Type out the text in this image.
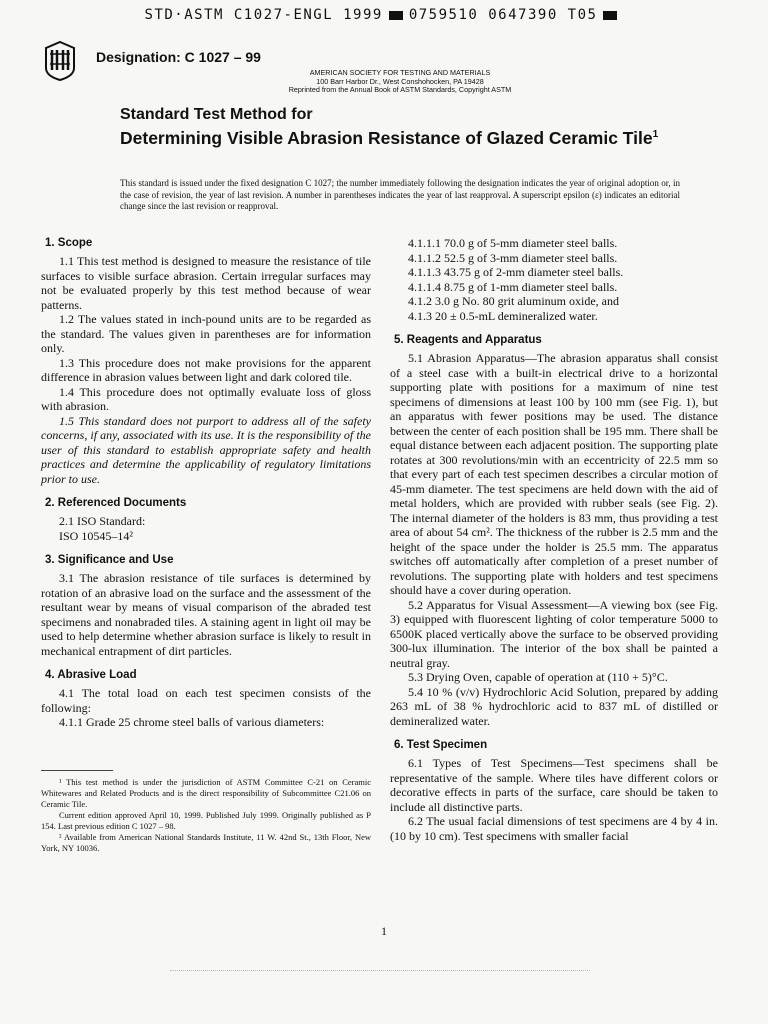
STD·ASTM C1027-ENGL 1999 0759510 0647390 T05
Designation: C 1027 – 99
AMERICAN SOCIETY FOR TESTING AND MATERIALS
100 Barr Harbor Dr., West Conshohocken, PA 19428
Reprinted from the Annual Book of ASTM Standards, Copyright ASTM
Standard Test Method for
Determining Visible Abrasion Resistance of Glazed Ceramic Tile$^1$
This standard is issued under the fixed designation C 1027; the number immediately following the designation indicates the year of original adoption or, in the case of revision, the year of last revision. A number in parentheses indicates the year of last reapproval. A superscript epsilon (ε) indicates an editorial change since the last revision or reapproval.
1. Scope

1.1 This test method is designed to measure the resistance of tile surfaces to visible surface abrasion. Certain irregular surfaces may not be evaluated properly by this test method because of wear patterns.

1.2 The values stated in inch-pound units are to be regarded as the standard. The values given in parentheses are for information only.

1.3 This procedure does not make provisions for the apparent difference in abrasion values between light and dark colored tile.

1.4 This procedure does not optimally evaluate loss of gloss with abrasion.

1.5 This standard does not purport to address all of the safety concerns, if any, associated with its use. It is the responsibility of the user of this standard to establish appropriate safety and health practices and determine the applicability of regulatory limitations prior to use.

2. Referenced Documents

2.1 ISO Standard:

ISO 10545–14²

3. Significance and Use

3.1 The abrasion resistance of tile surfaces is determined by rotation of an abrasive load on the surface and the assessment of the resultant wear by means of visual comparison of the abraded test specimens and nonabraded tiles. A staining agent in light oil may be used to help determine whether abrasion surface is likely to result in mechanical entrapment of dirt particles.

4. Abrasive Load

4.1 The total load on each test specimen consists of the following:

4.1.1 Grade 25 chrome steel balls of various diameters:

¹ This test method is under the jurisdiction of ASTM Committee C-21 on Ceramic Whitewares and Related Products and is the direct responsibility of Subcommittee C21.06 on Ceramic Tile.

Current edition approved April 10, 1999. Published July 1999. Originally published as P 154. Last previous edition C 1027 – 98.

² Available from American National Standards Institute, 11 W. 42nd St., 13th Floor, New York, NY 10036.

4.1.1.1 70.0 g of 5-mm diameter steel balls.

4.1.1.2 52.5 g of 3-mm diameter steel balls.

4.1.1.3 43.75 g of 2-mm diameter steel balls.

4.1.1.4 8.75 g of 1-mm diameter steel balls.

4.1.2 3.0 g No. 80 grit aluminum oxide, and

4.1.3 20 ± 0.5-mL demineralized water.

5. Reagents and Apparatus

5.1 Abrasion Apparatus—The abrasion apparatus shall consist of a steel case with a built-in electrical drive to a horizontal supporting plate with positions for a maximum of nine test specimens of dimensions at least 100 by 100 mm (see Fig. 1), but an apparatus with fewer positions may be used. The distance between the center of each position shall be 195 mm. There shall be equal distance between each adjacent position. The supporting plate rotates at 300 revolutions/min with an eccentricity of 22.5 mm so that every part of each test specimen describes a circular motion of 45-mm diameter. The test specimens are held down with the aid of metal holders, which are provided with rubber seals (see Fig. 2). The internal diameter of the holders is 83 mm, thus providing a test area of about 54 cm². The thickness of the rubber is 2.5 mm and the height of the space under the holder is 25.5 mm. The apparatus switches off automatically after completion of a preset number of revolutions. The supporting plate with holders and test specimens should have a cover during operation.

5.2 Apparatus for Visual Assessment—A viewing box (see Fig. 3) equipped with fluorescent lighting of color temperature 5000 to 6500K placed vertically above the surface to be observed providing 300-lux illumination. The interior of the box shall be painted a neutral gray.

5.3 Drying Oven, capable of operation at (110 + 5)°C.

5.4 10 % (v/v) Hydrochloric Acid Solution, prepared by adding 263 mL of 38 % hydrochloric acid to 837 mL of distilled or demineralized water.

6. Test Specimen

6.1 Types of Test Specimens—Test specimens shall be representative of the sample. Where tiles have different colors or decorative effects in parts of the surface, care should be taken to include all distinctive parts.

6.2 The usual facial dimensions of test specimens are 4 by 4 in. (10 by 10 cm). Test specimens with smaller facial

1
